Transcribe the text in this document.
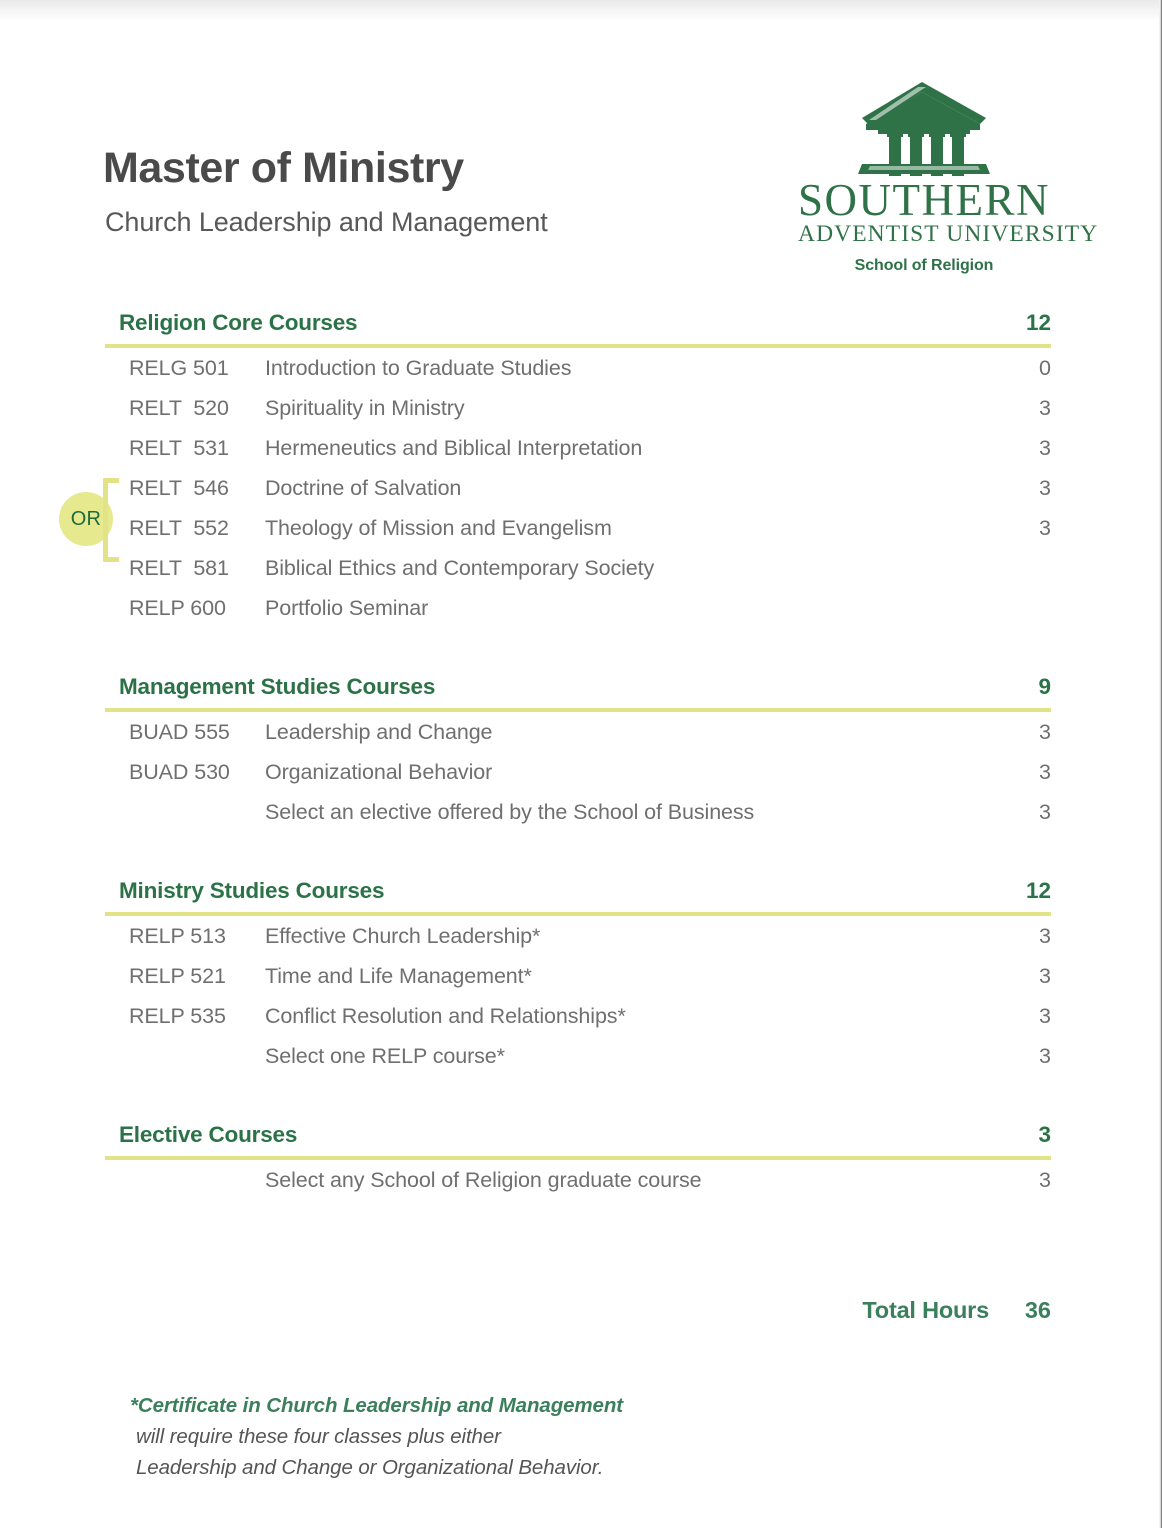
Master of Ministry
Church Leadership and Management	SOUTHERN
ADVENTIST UNIVERSITY
School of Religion
Religion Core Courses	12
OR
RELG 501	Introduction to Graduate Studies	0
RELT  520	Spirituality in Ministry	3
RELT  531	Hermeneutics and Biblical Interpretation	3
RELT  546	Doctrine of Salvation	3
RELT  552	Theology of Mission and Evangelism	3
RELT  581	Biblical Ethics and Contemporary Society
RELP 600	Portfolio Seminar
Management Studies Courses	9
BUAD 555	Leadership and Change	3
BUAD 530	Organizational Behavior	3
Select an elective offered by the School of Business	3
Ministry Studies Courses	12
RELP 513	Effective Church Leadership*	3
RELP 521	Time and Life Management*	3
RELP 535	Conflict Resolution and Relationships*	3
Select one RELP course*	3
Elective Courses	3
Select any School of Religion graduate course	3
Total Hours	36
*Certificate in Church Leadership and Management
will require these four classes plus either
Leadership and Change or Organizational Behavior.
